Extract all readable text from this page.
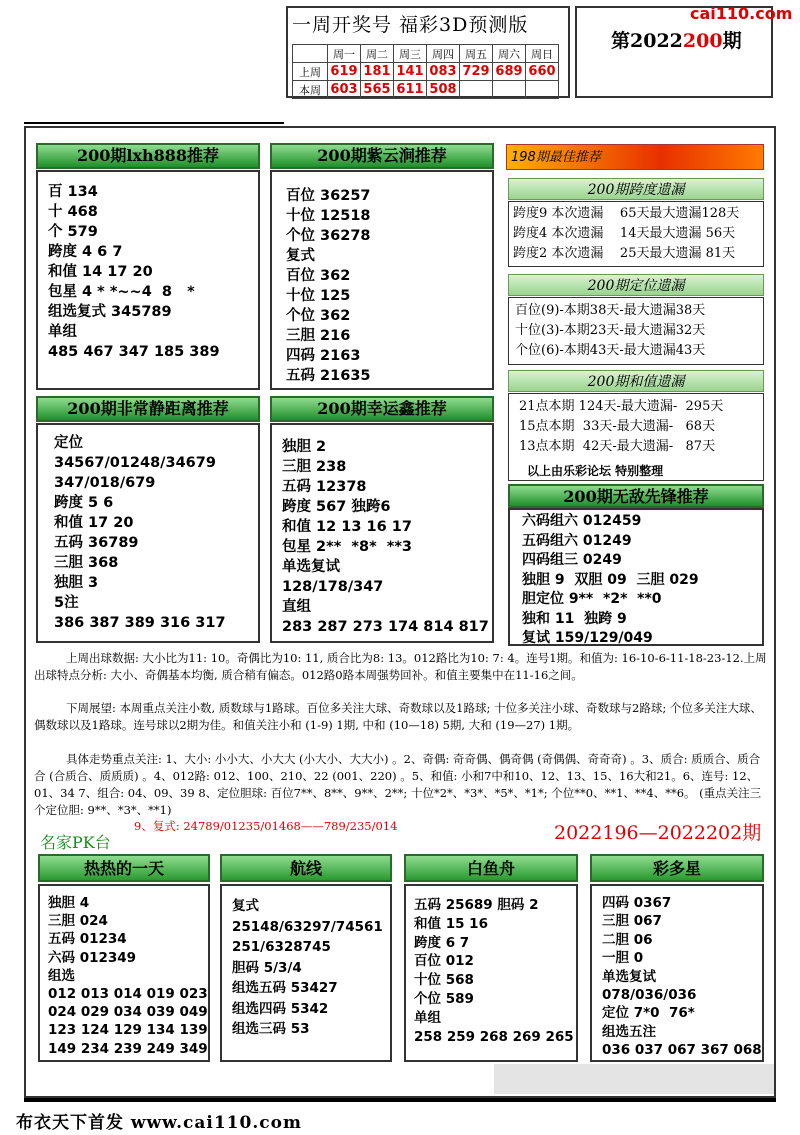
一周开奖号 福彩3D预测版
	周一	周二	周三	周四	周五	周六	周日
上周	619	181	141	083	729	689	660
本周	603	565	611	508			
第2022200期
cai110.com
200期lxh888推荐
百 134
十 468
个 579
跨度 4 6 7
和值 14 17 20
包星 4 * *~~4  8   *
组选复式 345789
单组
485 467 347 185 389
200期紫云涧推荐
百位 36257
十位 12518
个位 36278
复式
百位 362
十位 125
个位 362
三胆 216
四码 2163
五码 21635
200期非常静距离推荐
定位
34567/01248/34679
347/018/679
跨度 5 6
和值 17 20
五码 36789
三胆 368
独胆 3
5注
386 387 389 316 317
200期幸运鑫推荐
独胆 2
三胆 238
五码 12378
跨度 567 独跨6
和值 12 13 16 17
包星 2**  *8*  **3
单选复试
128/178/347
直组
283 287 273 174 814 817
198期最佳推荐
200期跨度遗漏
跨度9 本次遗漏    65天最大遗漏128天
跨度4 本次遗漏    14天最大遗漏 56天
跨度2 本次遗漏    25天最大遗漏 81天
200期定位遗漏
百位(9)-本期38天-最大遗漏38天
十位(3)-本期23天-最大遗漏32天
个位(6)-本期43天-最大遗漏43天
200期和值遗漏
21点本期 124天-最大遗漏-  295天
15点本期  33天-最大遗漏-   68天
13点本期  42天-最大遗漏-   87天
以上由乐彩论坛 特别整理
200期无敌先锋推荐
六码组六 012459
五码组六 01249
四码组三 0249
独胆 9  双胆 09  三胆 029
胆定位 9**  *2*  **0
独和 11  独跨 9
复试 159/129/049
上周出球数据: 大小比为11: 10。奇偶比为10: 11, 质合比为8: 13。012路比为10: 7: 4。连号1期。和值为: 16-10-6-11-18-23-12.上周出球特点分析: 大小、奇偶基本均衡, 质合稍有偏态。012路0路本周强势回补。和值主要集中在11-16之间。
下周展望: 本周重点关注小数, 质数球与1路球。百位多关注大球、奇数球以及1路球; 十位多关注小球、奇数球与2路球; 个位多关注大球、偶数球以及1路球。连号球以2期为佳。和值关注小和 (1-9) 1期, 中和 (10—18) 5期, 大和 (19—27) 1期。
具体走势重点关注: 1、大小: 小小大、小大大 (小大小、大大小) 。2、奇偶: 奇奇偶、偶奇偶 (奇偶偶、奇奇奇) 。3、质合: 质质合、质合合 (合质合、质质质) 。4、012路: 012、100、210、22 (001、220) 。5、和值: 小和7中和10、12、13、15、16大和21。6、连号: 12、01、34 7、组合: 04、09、39 8、定位胆球: 百位7**、8**、9**、2**; 十位*2*、*3*、*5*、*1*; 个位**0、**1、**4、**6。 (重点关注三个定位胆: 9**、*3*、**1)
9、复式: 24789/01235/01468——789/235/014
名家PK台	2022196—2022202期
热热的一天
独胆 4
三胆 024
五码 01234
六码 012349
组选
012 013 014 019 023
024 029 034 039 049
123 124 129 134 139
149 234 239 249 349
航线
复式
25148/63297/74561
251/6328745
胆码 5/3/4
组选五码 53427
组选四码 5342
组选三码 53
白鱼舟
五码 25689 胆码 2
和值 15 16
跨度 6 7
百位 012
十位 568
个位 589
单组
258 259 268 269 265
彩多星
四码 0367
三胆 067
二胆 06
一胆 0
单选复试
078/036/036
定位 7*0  76*
组选五注
036 037 067 367 068
布衣天下首发 www.cai110.com
